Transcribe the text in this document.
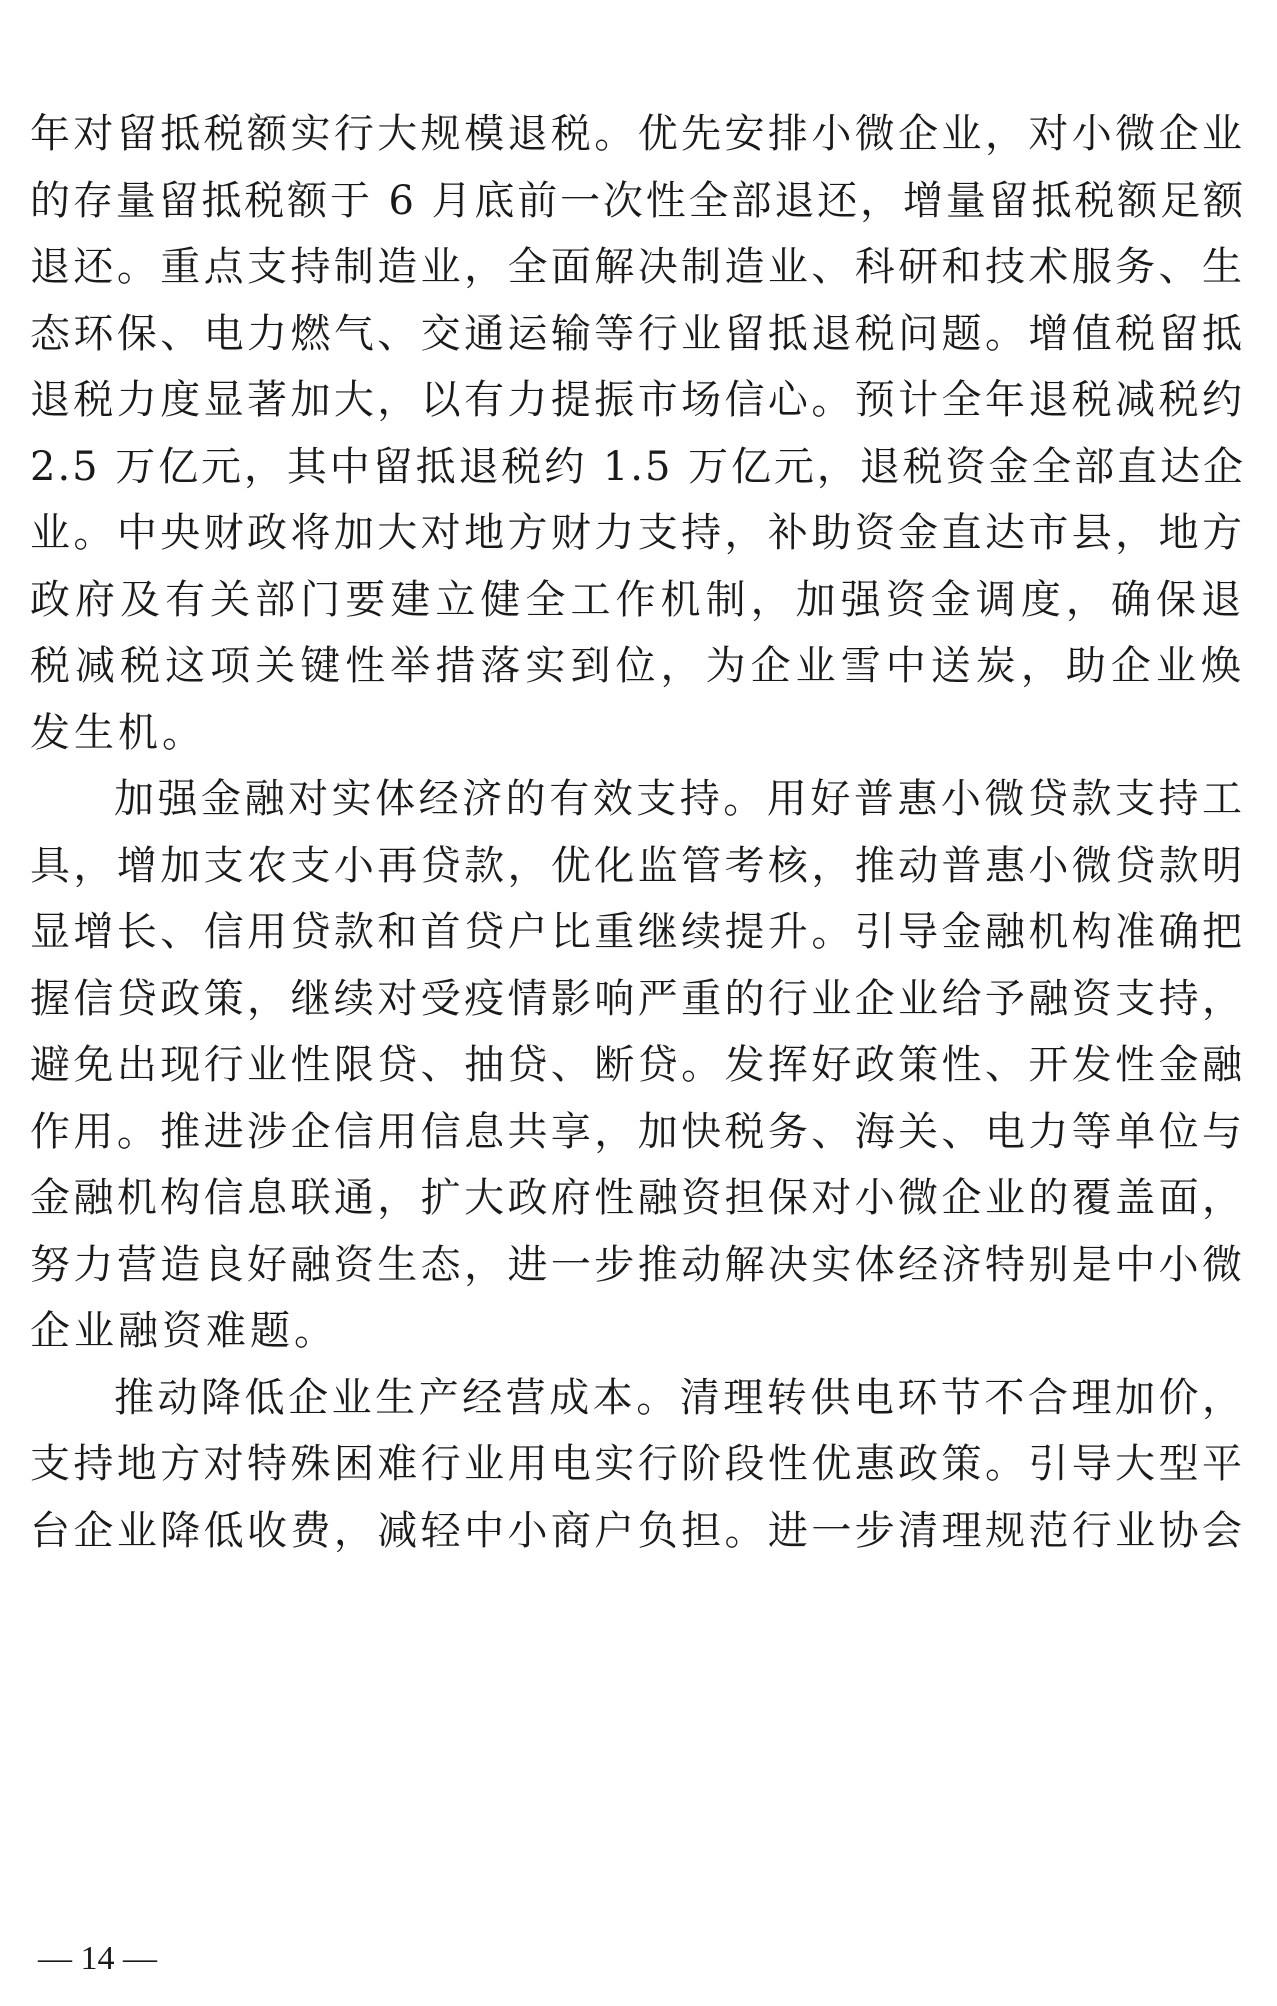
年对留抵税额实行大规模退税。优先安排小微企业，对小微企业
的存量留抵税额于 6 月底前一次性全部退还，增量留抵税额足额
退还。重点支持制造业，全面解决制造业、科研和技术服务、生
态环保、电力燃气、交通运输等行业留抵退税问题。增值税留抵
退税力度显著加大，以有力提振市场信心。预计全年退税减税约
2.5 万亿元，其中留抵退税约 1.5 万亿元，退税资金全部直达企
业。中央财政将加大对地方财力支持，补助资金直达市县，地方
政府及有关部门要建立健全工作机制，加强资金调度，确保退
税减税这项关键性举措落实到位，为企业雪中送炭，助企业焕
发生机。
加强金融对实体经济的有效支持。用好普惠小微贷款支持工
具，增加支农支小再贷款，优化监管考核，推动普惠小微贷款明
显增长、信用贷款和首贷户比重继续提升。引导金融机构准确把
握信贷政策，继续对受疫情影响严重的行业企业给予融资支持，
避免出现行业性限贷、抽贷、断贷。发挥好政策性、开发性金融
作用。推进涉企信用信息共享，加快税务、海关、电力等单位与
金融机构信息联通，扩大政府性融资担保对小微企业的覆盖面，
努力营造良好融资生态，进一步推动解决实体经济特别是中小微
企业融资难题。
推动降低企业生产经营成本。清理转供电环节不合理加价，
支持地方对特殊困难行业用电实行阶段性优惠政策。引导大型平
台企业降低收费，减轻中小商户负担。进一步清理规范行业协会
— 14 —
